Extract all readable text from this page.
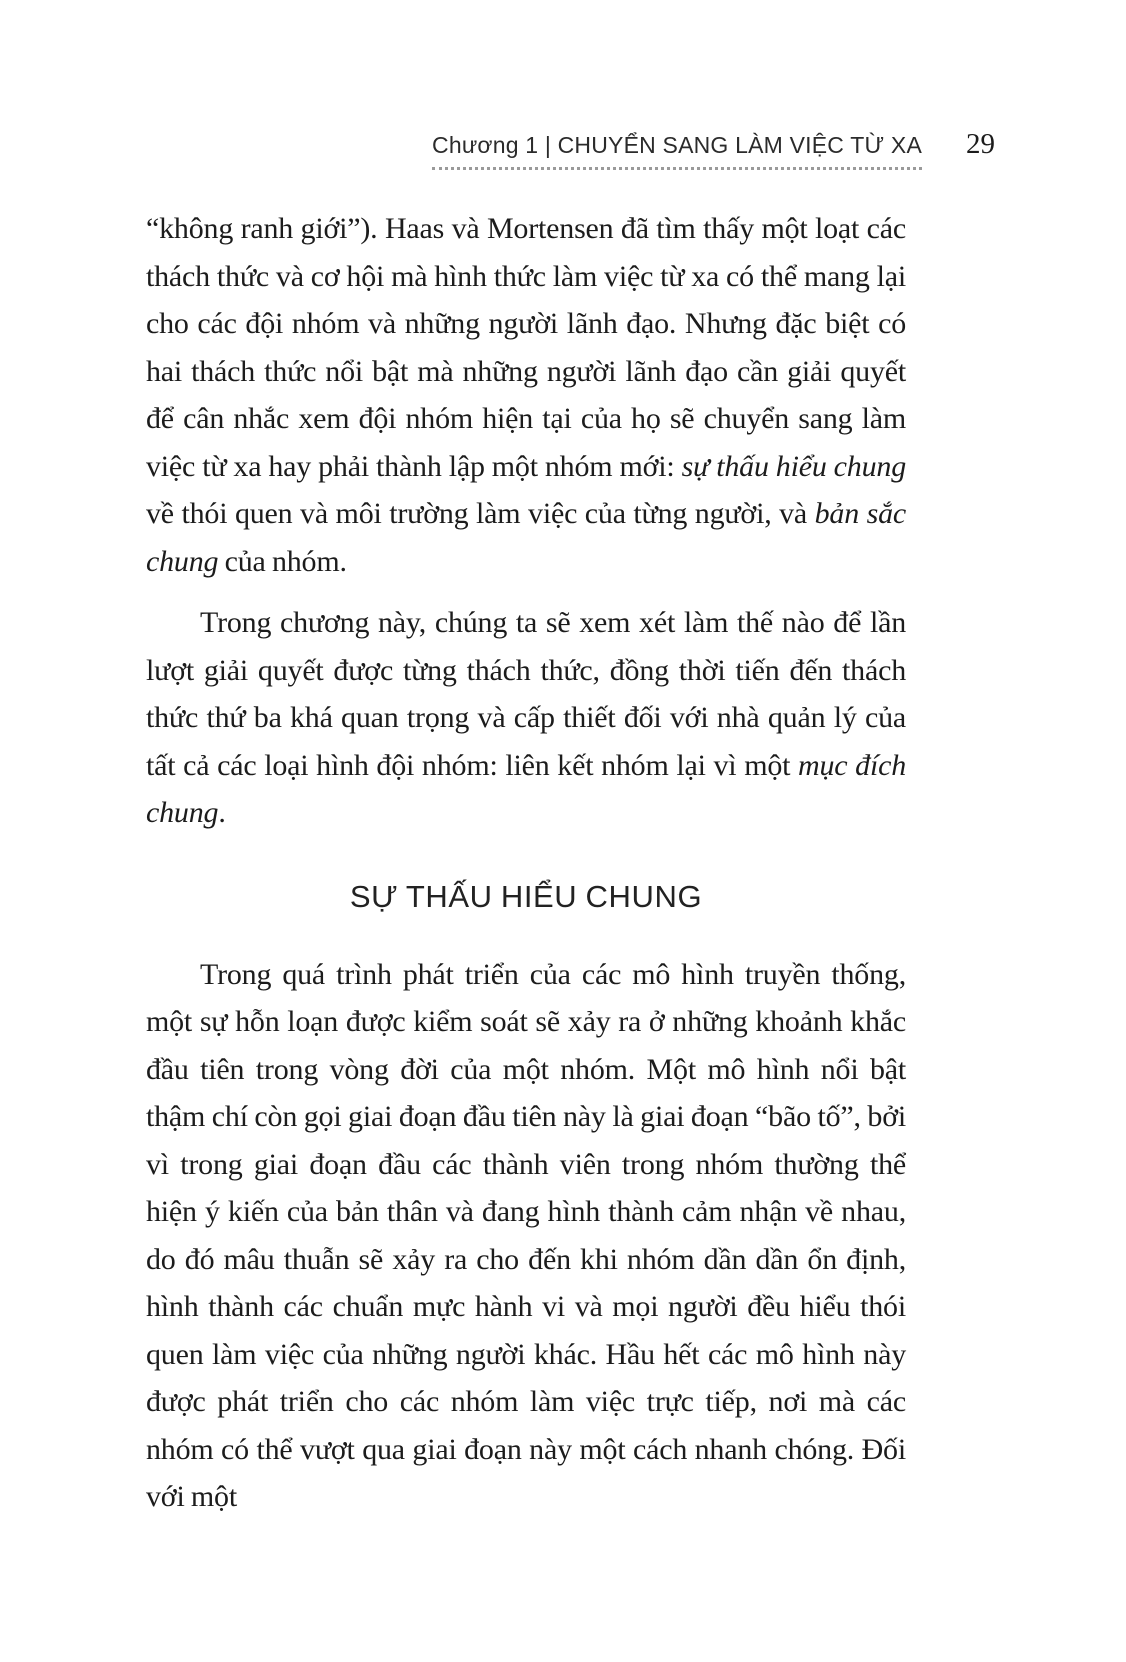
Chương 1 | CHUYỂN SANG LÀM VIỆC TỪ XA 29

“không ranh giới”). Haas và Mortensen đã tìm thấy một loạt các thách thức và cơ hội mà hình thức làm việc từ xa có thể mang lại cho các đội nhóm và những người lãnh đạo. Nhưng đặc biệt có hai thách thức nổi bật mà những người lãnh đạo cần giải quyết để cân nhắc xem đội nhóm hiện tại của họ sẽ chuyển sang làm việc từ xa hay phải thành lập một nhóm mới: sự thấu hiểu chung về thói quen và môi trường làm việc của từng người, và bản sắc chung của nhóm.

Trong chương này, chúng ta sẽ xem xét làm thế nào để lần lượt giải quyết được từng thách thức, đồng thời tiến đến thách thức thứ ba khá quan trọng và cấp thiết đối với nhà quản lý của tất cả các loại hình đội nhóm: liên kết nhóm lại vì một mục đích chung.

SỰ THẤU HIỂU CHUNG

Trong quá trình phát triển của các mô hình truyền thống, một sự hỗn loạn được kiểm soát sẽ xảy ra ở những khoảnh khắc đầu tiên trong vòng đời của một nhóm. Một mô hình nổi bật thậm chí còn gọi giai đoạn đầu tiên này là giai đoạn “bão tố”, bởi vì trong giai đoạn đầu các thành viên trong nhóm thường thể hiện ý kiến của bản thân và đang hình thành cảm nhận về nhau, do đó mâu thuẫn sẽ xảy ra cho đến khi nhóm dần dần ổn định, hình thành các chuẩn mực hành vi và mọi người đều hiểu thói quen làm việc của những người khác. Hầu hết các mô hình này được phát triển cho các nhóm làm việc trực tiếp, nơi mà các nhóm có thể vượt qua giai đoạn này một cách nhanh chóng. Đối với một
